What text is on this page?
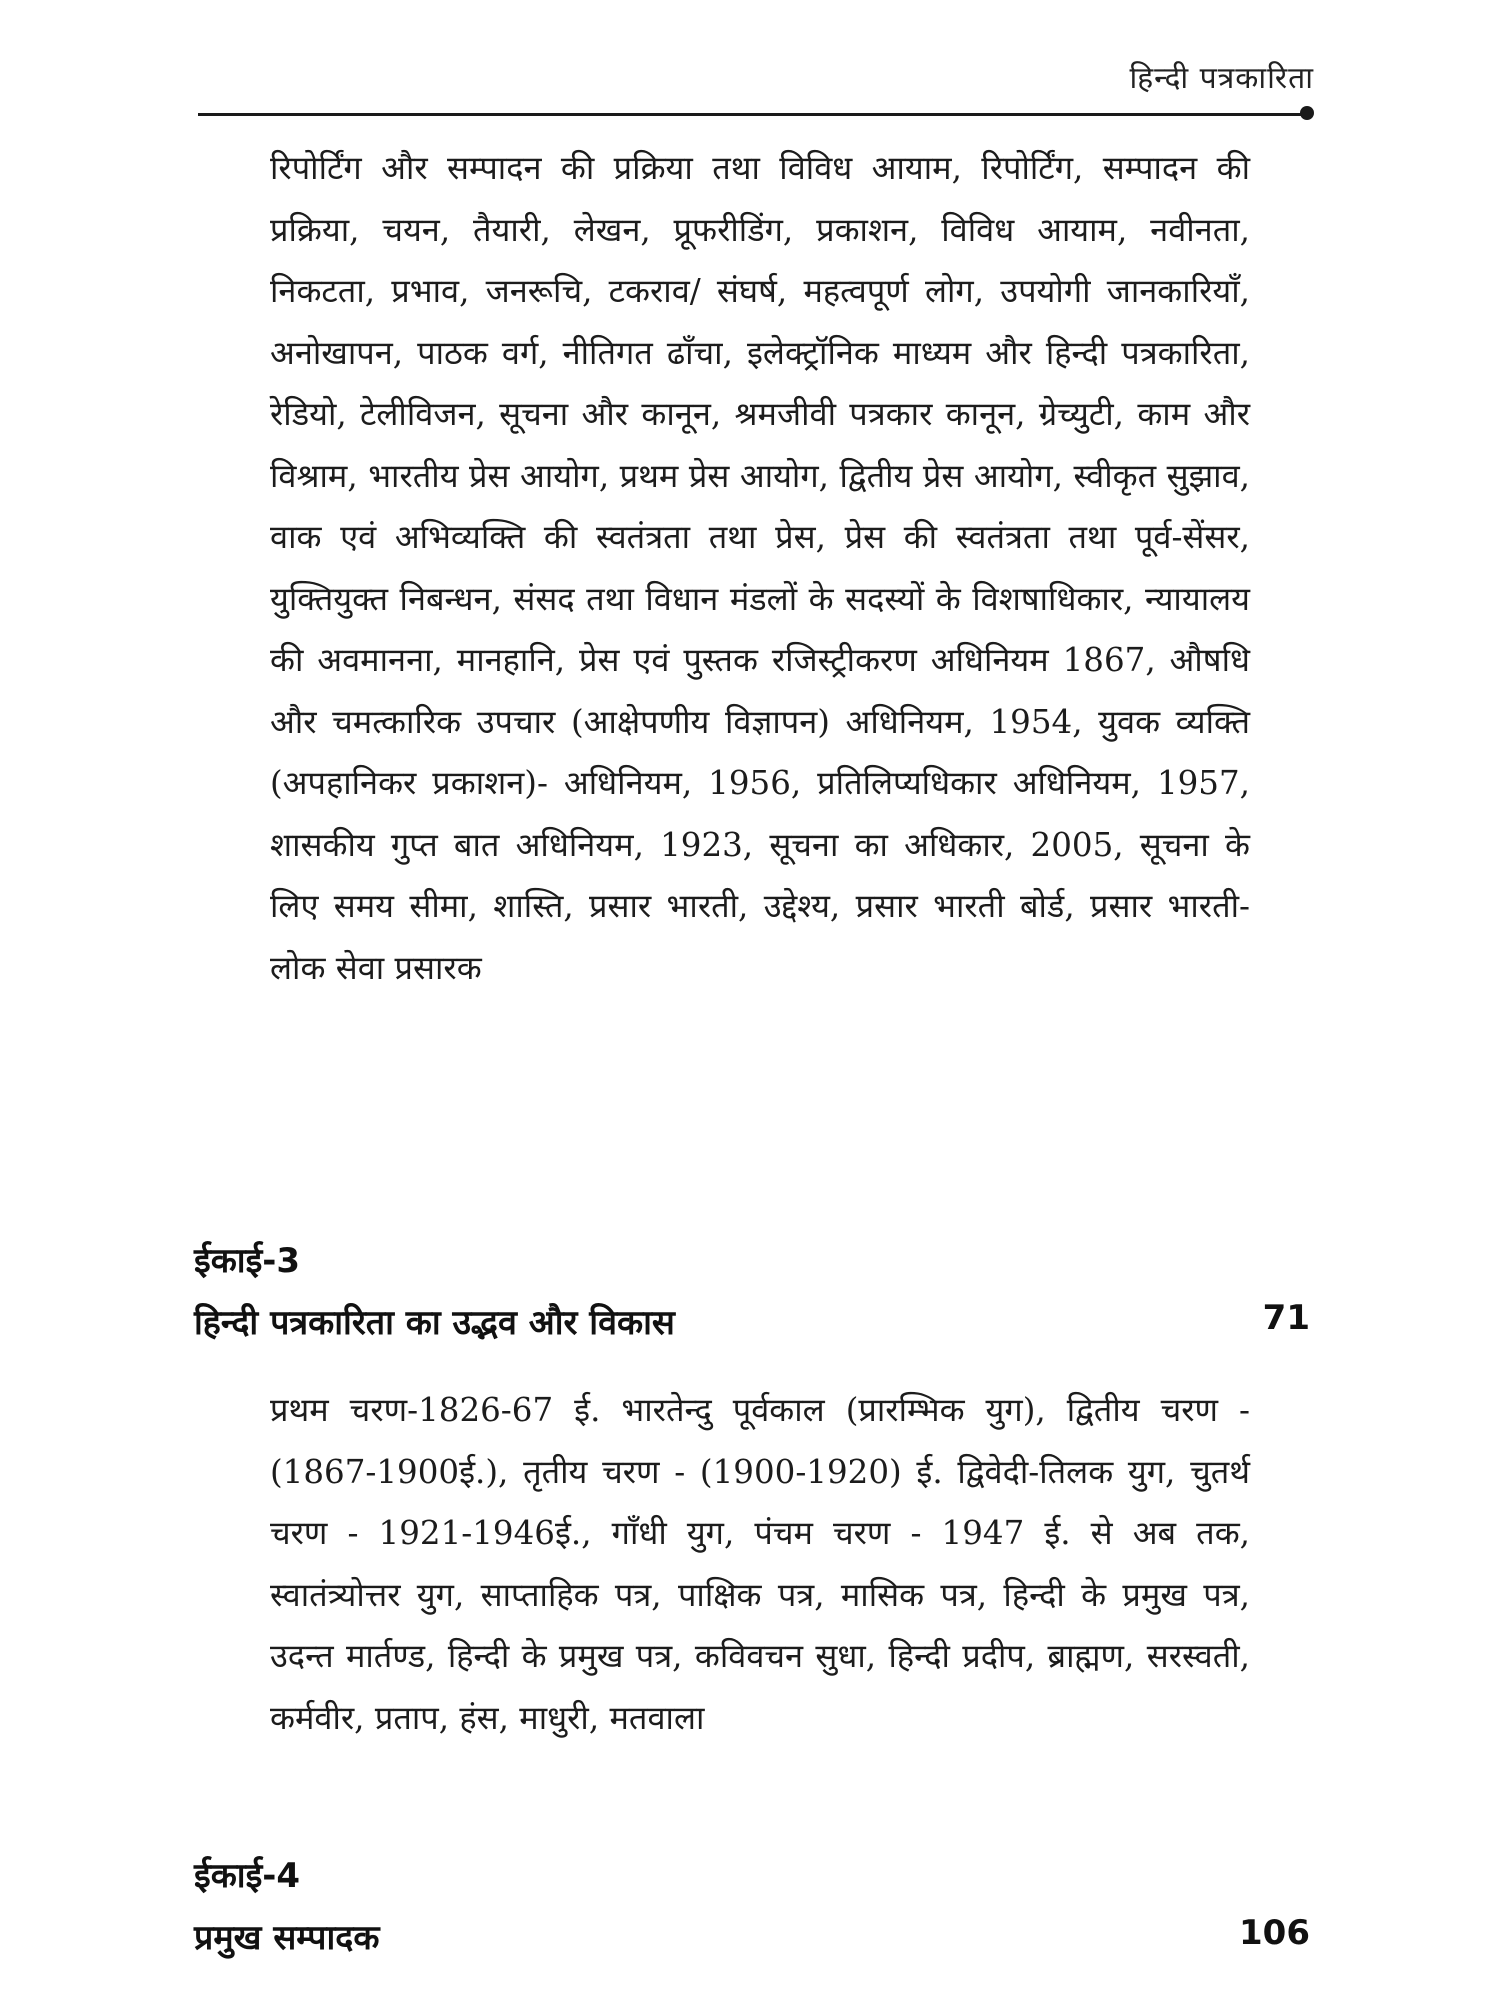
हिन्दी पत्रकारिता

रिपोर्टिंग और सम्पादन की प्रक्रिया तथा विविध आयाम, रिपोर्टिंग, सम्पादन की प्रक्रिया, चयन, तैयारी, लेखन, प्रूफरीडिंग, प्रकाशन, विविध आयाम, नवीनता, निकटता, प्रभाव, जनरूचि, टकराव/ संघर्ष, महत्वपूर्ण लोग, उपयोगी जानकारियाँ, अनोखापन, पाठक वर्ग, नीतिगत ढाँचा, इलेक्ट्रॉनिक माध्यम और हिन्दी पत्रकारिता, रेडियो, टेलीविजन, सूचना और कानून, श्रमजीवी पत्रकार कानून, ग्रेच्युटी, काम और विश्राम, भारतीय प्रेस आयोग, प्रथम प्रेस आयोग, द्वितीय प्रेस आयोग, स्वीकृत सुझाव, वाक एवं अभिव्यक्ति की स्वतंत्रता तथा प्रेस, प्रेस की स्वतंत्रता तथा पूर्व-सेंसर, युक्तियुक्त निबन्धन, संसद तथा विधान मंडलों के सदस्यों के विशषाधिकार, न्यायालय की अवमानना, मानहानि, प्रेस एवं पुस्तक रजिस्ट्रीकरण अधिनियम 1867, औषधि और चमत्कारिक उपचार (आक्षेपणीय विज्ञापन) अधिनियम, 1954, युवक व्यक्ति (अपहानिकर प्रकाशन)- अधिनियम, 1956, प्रतिलिप्यधिकार अधिनियम, 1957, शासकीय गुप्त बात अधिनियम, 1923, सूचना का अधिकार, 2005, सूचना के लिए समय सीमा, शास्ति, प्रसार भारती, उद्देश्य, प्रसार भारती बोर्ड, प्रसार भारती-लोक सेवा प्रसारक

ईकाई-3
हिन्दी पत्रकारिता का उद्भव और विकास	71

प्रथम चरण-1826-67 ई. भारतेन्दु पूर्वकाल (प्रारम्भिक युग), द्वितीय चरण - (1867-1900ई.), तृतीय चरण - (1900-1920) ई. द्विवेदी-तिलक युग, चुतर्थ चरण - 1921-1946ई., गाँधी युग, पंचम चरण - 1947 ई. से अब तक, स्वातंत्र्योत्तर युग, साप्ताहिक पत्र, पाक्षिक पत्र, मासिक पत्र, हिन्दी के प्रमुख पत्र, उदन्त मार्तण्ड, हिन्दी के प्रमुख पत्र, कविवचन सुधा, हिन्दी प्रदीप, ब्राह्मण, सरस्वती, कर्मवीर, प्रताप, हंस, माधुरी, मतवाला

ईकाई-4
प्रमुख सम्पादक	106
